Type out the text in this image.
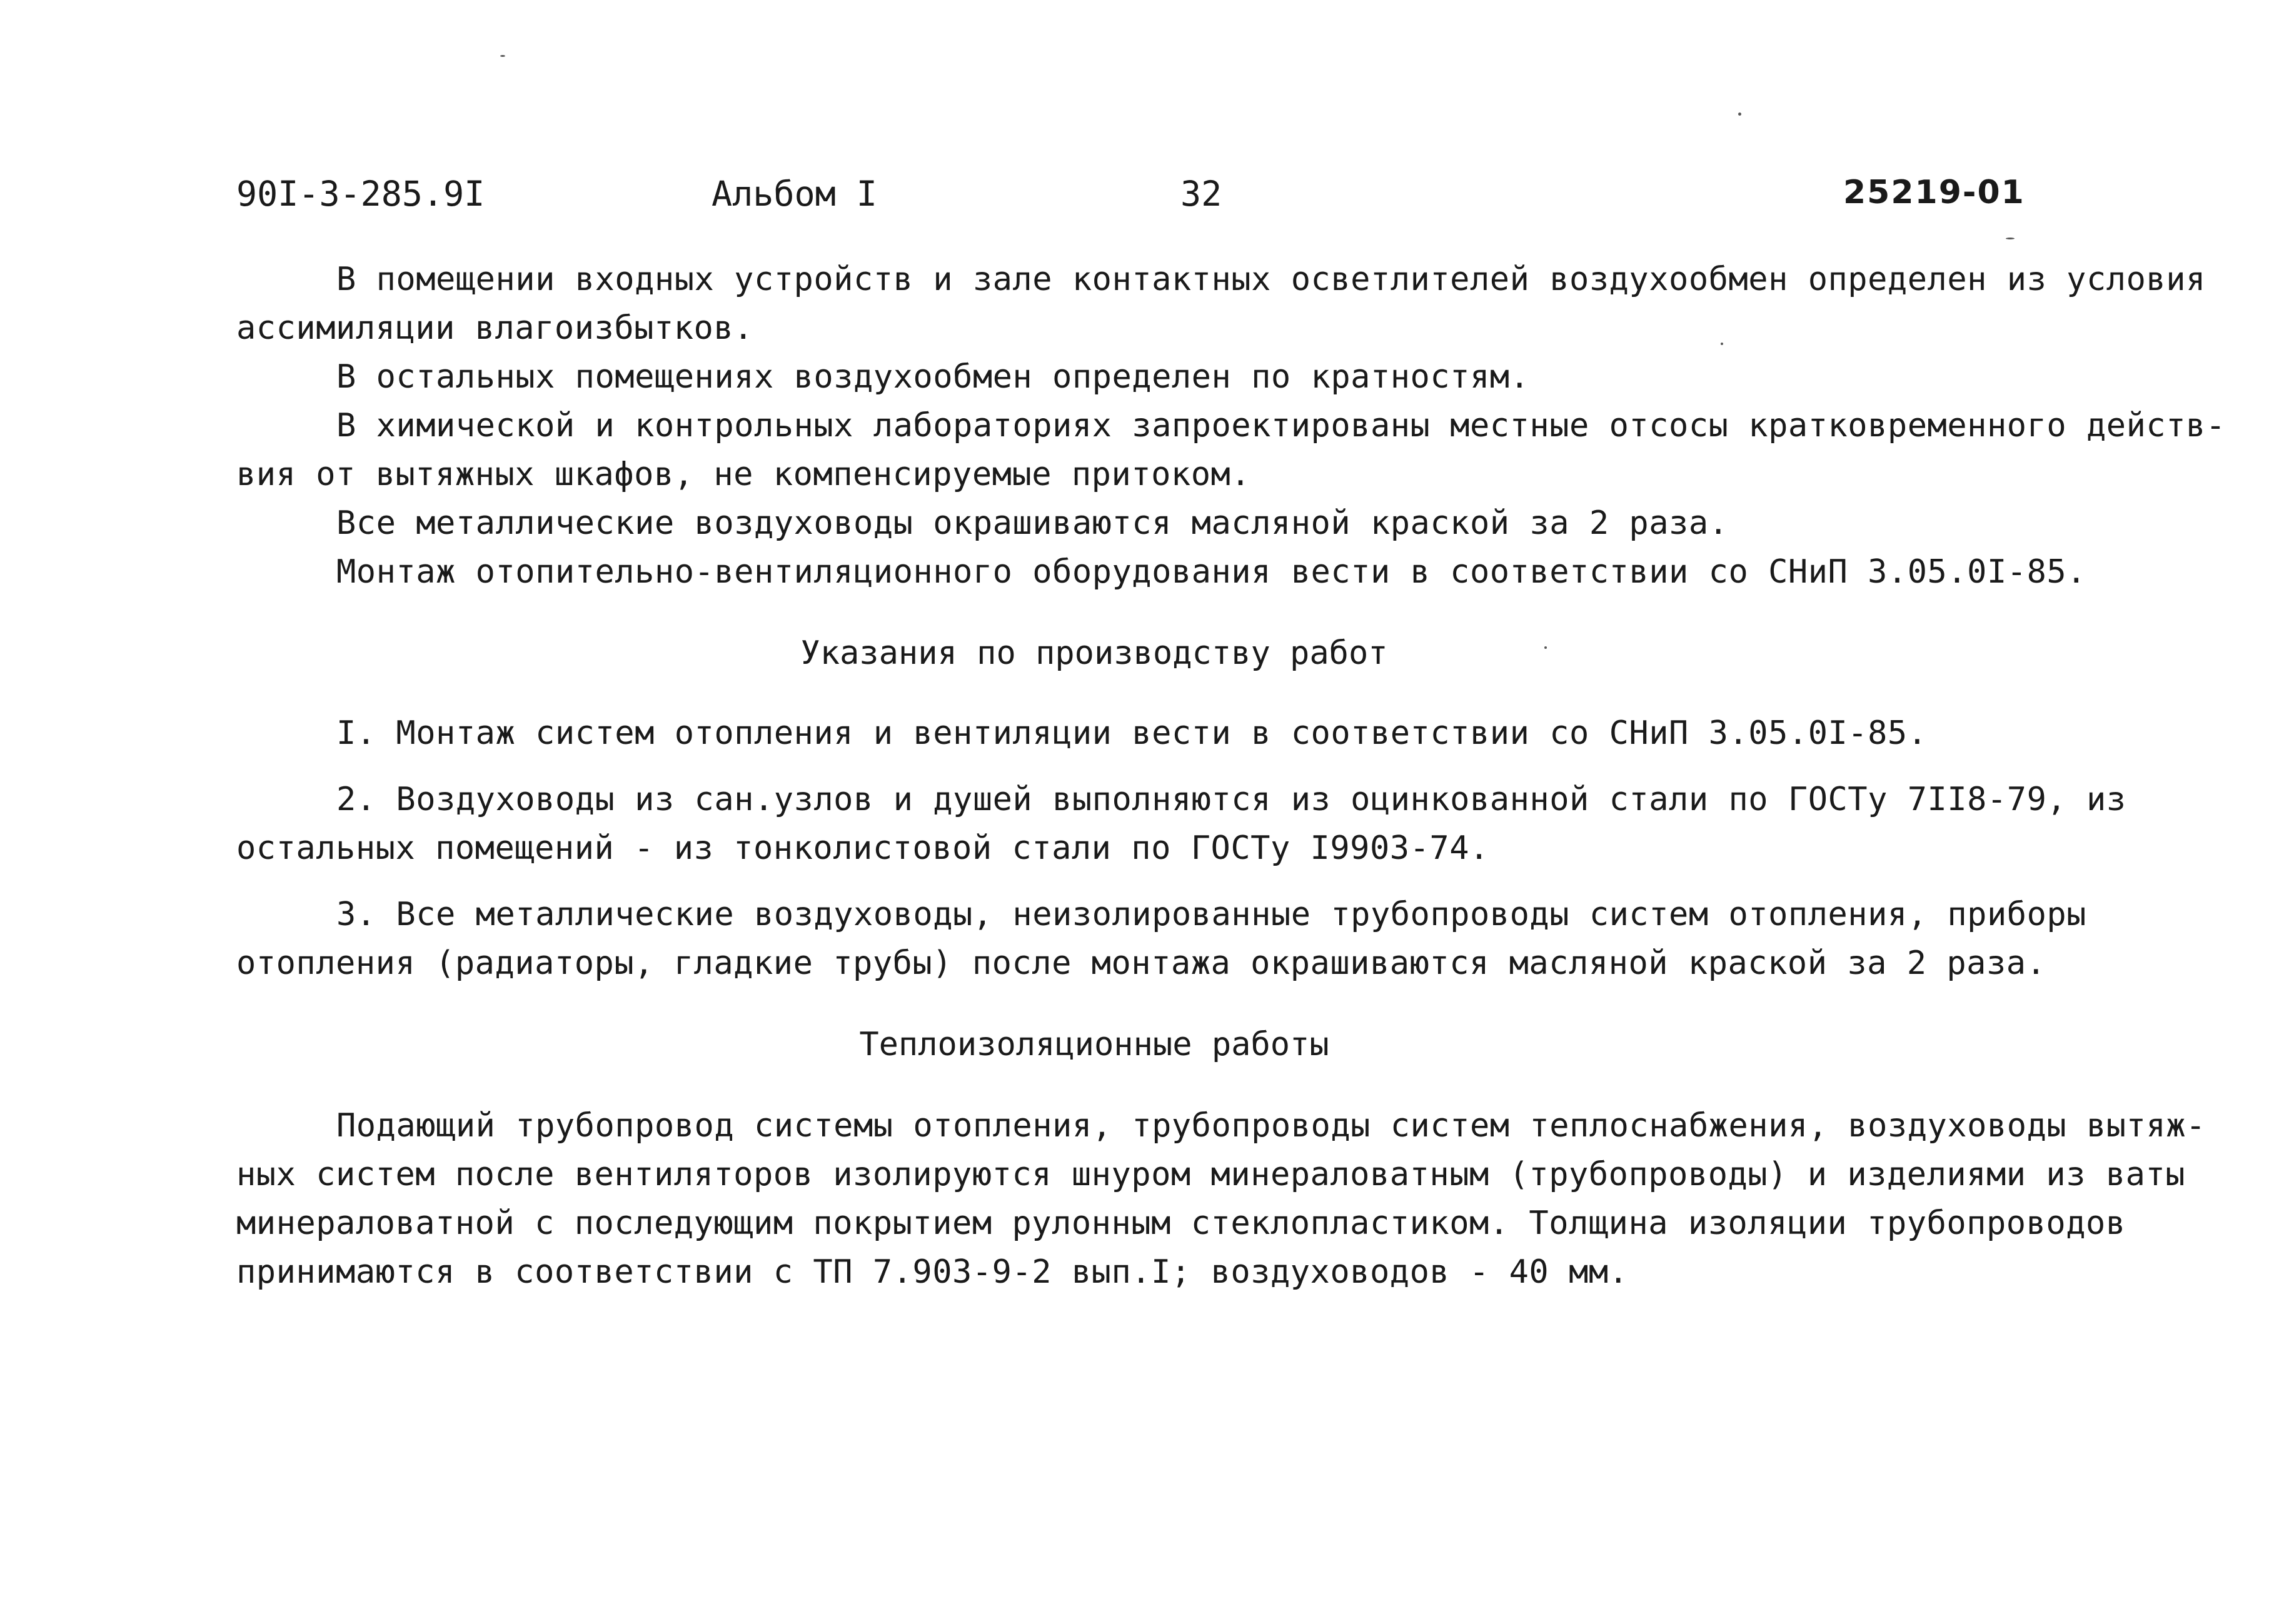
90I-3-285.9I	Альбом I	32	25219-01
В помещении входных устройств и зале контактных осветлителей воздухообмен определен из условия
ассимиляции влагоизбытков.
В остальных помещениях воздухообмен определен по кратностям.
В химической и контрольных лабораториях запроектированы местные отсосы кратковременного действ-
вия от вытяжных шкафов, не компенсируемые притоком.
Все металлические воздуховоды окрашиваются масляной краской за 2 раза.
Монтаж отопительно-вентиляционного оборудования вести в соответствии со СНиП 3.05.0I-85.
Указания по производству работ
I. Монтаж систем отопления и вентиляции вести в соответствии со СНиП 3.05.0I-85.
2. Воздуховоды из сан.узлов и душей выполняются из оцинкованной стали по ГОСТу 7II8-79, из
остальных помещений - из тонколистовой стали по ГОСТу I9903-74.
3. Все металлические воздуховоды, неизолированные трубопроводы систем отопления, приборы
отопления (радиаторы, гладкие трубы) после монтажа окрашиваются масляной краской за 2 раза.
Теплоизоляционные работы
Подающий трубопровод системы отопления, трубопроводы систем теплоснабжения, воздуховоды вытяж-
ных систем после вентиляторов изолируются шнуром минераловатным (трубопроводы) и изделиями из ваты
минераловатной с последующим покрытием рулонным стеклопластиком. Толщина изоляции трубопроводов
принимаются в соответствии с ТП 7.903-9-2 вып.I; воздуховодов - 40 мм.
